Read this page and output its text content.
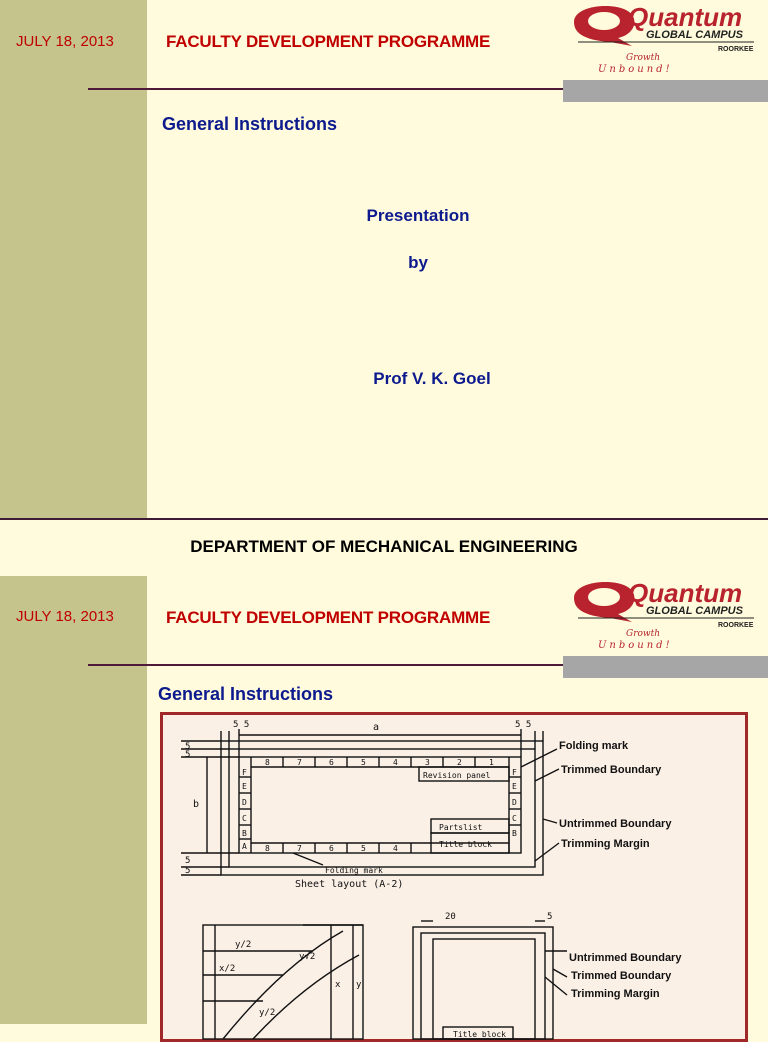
JULY 18, 2013	FACULTY DEVELOPMENT PROGRAMME
Quantum
GLOBAL CAMPUS
ROORKEE
Growth
Unbound!
General Instructions
Presentation
by
Prof V. K. Goel
DEPARTMENT OF MECHANICAL ENGINEERING
JULY 18, 2013	FACULTY DEVELOPMENT PROGRAMME
Quantum
GLOBAL CAMPUS
ROORKEE
Growth
Unbound!
General Instructions
a
5 5	5 5
5
5
b
5
5
8	7	6	5	4	3	2	1
8	7	6	5	4
F
E
D
C
B
A
F
E
D
C
B
Revision panel
Partslist
Title block
Folding mark
Sheet layout (A-2)
Folding mark
Trimmed Boundary
Untrimmed Boundary
Trimming Margin
y/2
x/2
y√2
y/2
x y
20	5
Title block
Untrimmed Boundary
Trimmed Boundary
Trimming Margin
